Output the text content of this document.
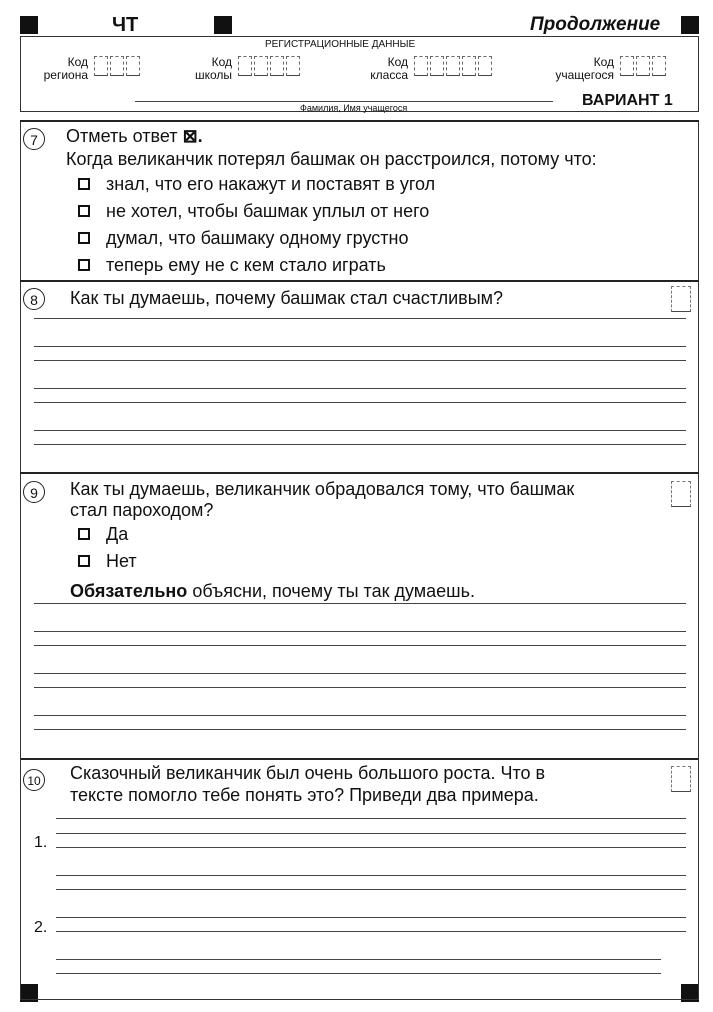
ЧТ	Продолжение
РЕГИСТРАЦИОННЫЕ ДАННЫЕ
Код
региона
Код
школы
Код
класса
Код
учащегося
Фамилия, Имя учащегося	ВАРИАНТ 1
7	Отметь ответ ⊠.
Когда великанчик потерял башмак он расстроился, потому что:
знал, что его накажут и поставят в угол
не хотел, чтобы башмак уплыл от него
думал, что башмаку одному грустно
теперь ему не с кем стало играть
8	Как ты думаешь, почему башмак стал счастливым?
9	Как ты думаешь, великанчик обрадовался тому, что башмак
стал пароходом?
Да
Нет
Обязательно объясни, почему ты так думаешь.
10 Сказочный великанчик был очень большого роста. Что в
тексте помогло тебе понять это? Приведи два примера.
1.
2.
